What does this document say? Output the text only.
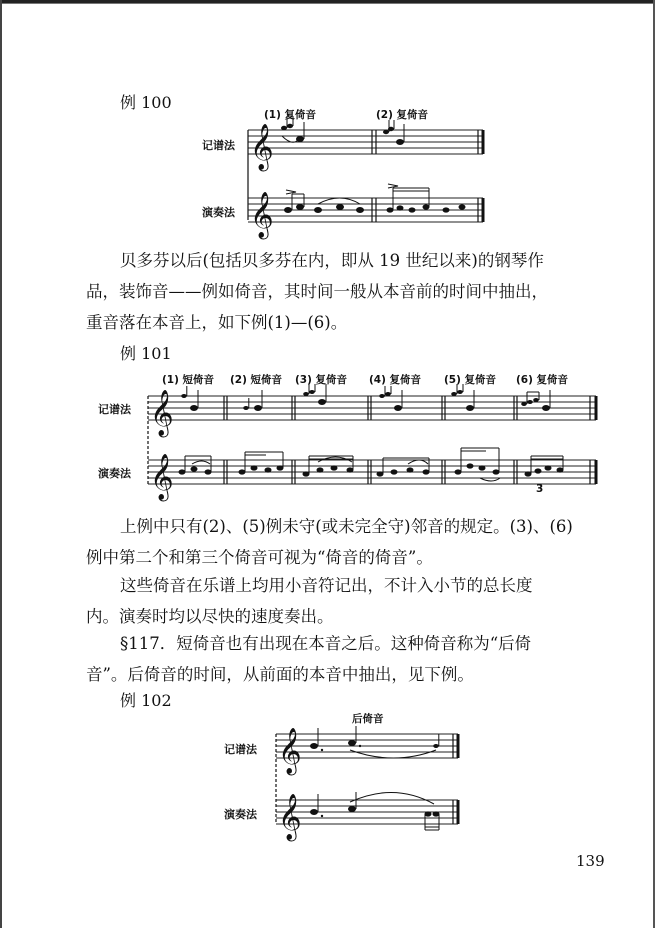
例 100
(1) 复倚音	(2) 复倚音
记谱法
演奏法
𝄞
𝄞

贝多芬以后(包括贝多芬在内，即从 19 世纪以来)的钢琴作
品，装饰音——例如倚音，其时间一般从本音前的时间中抽出，
重音落在本音上，如下例(1)—(6)。

例 101
(1) 短倚音 (2) 短倚音 (3) 复倚音 (4) 复倚音 (5) 复倚音 (6) 复倚音
记谱法
演奏法
𝄞
𝄞	3

上例中只有(2)、(5)例未守(或未完全守)邻音的规定。(3)、(6)
例中第二个和第三个倚音可视为“倚音的倚音”。

这些倚音在乐谱上均用小音符记出，不计入小节的总长度
内。演奏时均以尽快的速度奏出。

§117．短倚音也有出现在本音之后。这种倚音称为“后倚
音”。后倚音的时间，从前面的本音中抽出，见下例。

例 102
后倚音
记谱法
演奏法
𝄞
𝄞
139
